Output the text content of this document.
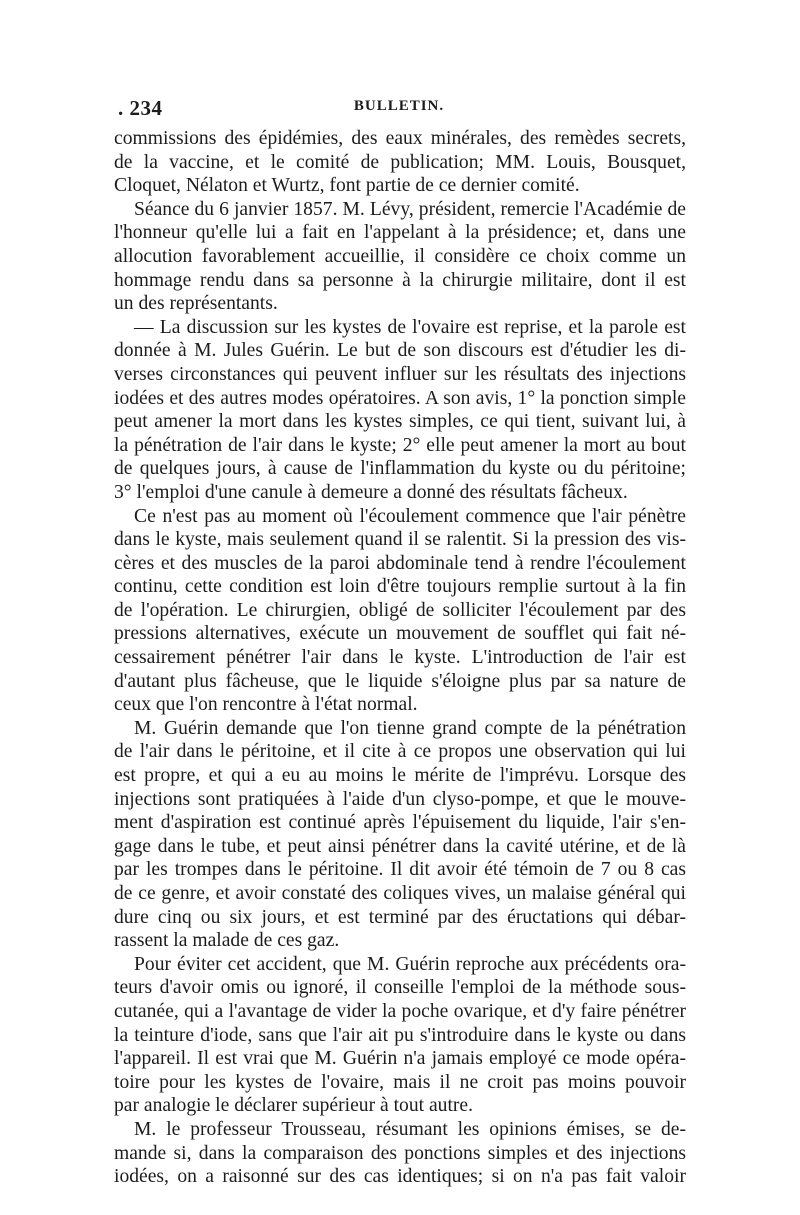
. 234	BULLETIN.
commissions des épidémies, des eaux minérales, des remèdes secrets,
de la vaccine, et le comité de publication; MM. Louis, Bousquet,
Cloquet, Nélaton et Wurtz, font partie de ce dernier comité.
Séance du 6 janvier 1857. M. Lévy, président, remercie l'Académie de
l'honneur qu'elle lui a fait en l'appelant à la présidence; et, dans une
allocution favorablement accueillie, il considère ce choix comme un
hommage rendu dans sa personne à la chirurgie militaire, dont il est
un des représentants.
— La discussion sur les kystes de l'ovaire est reprise, et la parole est
donnée à M. Jules Guérin. Le but de son discours est d'étudier les di-
verses circonstances qui peuvent influer sur les résultats des injections
iodées et des autres modes opératoires. A son avis, 1° la ponction simple
peut amener la mort dans les kystes simples, ce qui tient, suivant lui, à
la pénétration de l'air dans le kyste; 2° elle peut amener la mort au bout
de quelques jours, à cause de l'inflammation du kyste ou du péritoine;
3° l'emploi d'une canule à demeure a donné des résultats fâcheux.
Ce n'est pas au moment où l'écoulement commence que l'air pénètre
dans le kyste, mais seulement quand il se ralentit. Si la pression des vis-
cères et des muscles de la paroi abdominale tend à rendre l'écoulement
continu, cette condition est loin d'être toujours remplie surtout à la fin
de l'opération. Le chirurgien, obligé de solliciter l'écoulement par des
pressions alternatives, exécute un mouvement de soufflet qui fait né-
cessairement pénétrer l'air dans le kyste. L'introduction de l'air est
d'autant plus fâcheuse, que le liquide s'éloigne plus par sa nature de
ceux que l'on rencontre à l'état normal.
M. Guérin demande que l'on tienne grand compte de la pénétration
de l'air dans le péritoine, et il cite à ce propos une observation qui lui
est propre, et qui a eu au moins le mérite de l'imprévu. Lorsque des
injections sont pratiquées à l'aide d'un clyso-pompe, et que le mouve-
ment d'aspiration est continué après l'épuisement du liquide, l'air s'en-
gage dans le tube, et peut ainsi pénétrer dans la cavité utérine, et de là
par les trompes dans le péritoine. Il dit avoir été témoin de 7 ou 8 cas
de ce genre, et avoir constaté des coliques vives, un malaise général qui
dure cinq ou six jours, et est terminé par des éructations qui débar-
rassent la malade de ces gaz.
Pour éviter cet accident, que M. Guérin reproche aux précédents ora-
teurs d'avoir omis ou ignoré, il conseille l'emploi de la méthode sous-
cutanée, qui a l'avantage de vider la poche ovarique, et d'y faire pénétrer
la teinture d'iode, sans que l'air ait pu s'introduire dans le kyste ou dans
l'appareil. Il est vrai que M. Guérin n'a jamais employé ce mode opéra-
toire pour les kystes de l'ovaire, mais il ne croit pas moins pouvoir
par analogie le déclarer supérieur à tout autre.
M. le professeur Trousseau, résumant les opinions émises, se de-
mande si, dans la comparaison des ponctions simples et des injections
iodées, on a raisonné sur des cas identiques; si on n'a pas fait valoir
